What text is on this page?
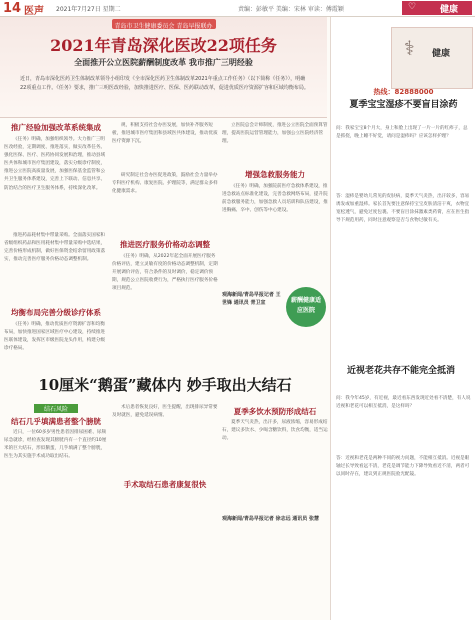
14 医声 2021年7月27日 星期二	责编：彭敏平 美编：宋林 审读：傅霞颖	♡	健康
青岛市卫生健康委员会 青岛早报联办
2021年青岛深化医改22项任务
全面推开公立医院薪酬制度改革 我市推广三明经验
近日，青岛市深化医药卫生体制改革领导小组印发《全市深化医药卫生体制改革2021年重点工作任务》（以下简称《任务》），明确22项重点工作。《任务》要求，推广三明医改经验，加快推进医疗、医保、医药联动改革，促进优质医疗资源扩容和区域均衡布局。
推广经验加强改革系统集成
《任务》明确，加强组织领导。大力推广三明医改经验，定期调度、推进落实，做实改革任务。强化医保、医疗、医药协同发展和治理，推动县域医共体和城市医疗集团建设，落实分级诊疗制度，推进公立医院高质量发展，加强医保基金监管和公共卫生服务体系建设，完善上下联动、信息共享、防治结合的医疗卫生服务体系，持续深化改革。
推进药品耗材集中带量采购。全面落实国家和省级组织药品和医用耗材集中带量采购中选结果，完善价格形成机制，做好医保资金结余留用政策落实，推动完善医疗服务价格动态调整机制。
均衡布局完善分级诊疗体系
《任务》明确，推动优质医疗资源扩容和均衡布局，加快推进国家区域医疗中心建设，持续推进医联体建设，发挥区市级医院龙头作用，构建分级诊疗格局。
规，积极支持社会办医发展，加快补齐服务短板，推进城市医疗集团和县域医共体建设，推动优质医疗资源下沉。
研究制定社会办医促进政策，鼓励社会力量举办专科医疗机构、康复医院、护理院等，满足群众多样化健康需求。
推进医疗服务价格动态调整
《任务》明确，从2022年起全面开展医疗服务价格评估，建立灵敏有度的价格动态调整机制，定期开展调价评估，符合条件的及时调价，稳定调价预期，规范公立医院收费行为，严格执行医疗服务价格项目规范。
立医院总会计师制度，推进公立医院全面预算管理，提高医院运营管理能力，加强公立医院经济管理。
增强急救服务能力
《任务》明确，加强院前医疗急救体系建设，推进急救站点标准化建设，完善急救网络布局，提升院前急救服务能力，加强急救人员培训和队伍建设，推进胸痛、卒中、创伤等中心建设。
观海新闻/青岛早报记者 王世锋 通讯员 青卫宣	薪酬健康适应医院
⚕ 健康
热线：82888000
夏季宝宝湿疹不要盲目涂药
问：我家宝宝8个月大，身上和脸上出现了一片一片的红疹子，总是抓挠，晚上睡不好觉，请问是湿疹吗？应该怎样护理？
答：湿疹是婴幼儿常见的皮肤病，夏季天气炎热，出汗较多，容易诱发或加重湿疹。家长首先要注意保持宝宝皮肤清洁干爽，衣物宜宽松透气，避免过度包裹。不要盲目涂抹激素类药膏，应在医生指导下规范用药，同时注意观察是否与食物过敏有关。
近视老花共存不能完全抵消
问：我今年45岁，有近视，最近看东西发现近处看不清楚，有人说近视和老花可以相互抵消，是这样吗？
答：近视和老花是两种不同的视力问题，不能相互抵消。近视是眼轴过长导致看远不清，老花是调节能力下降导致看近不清，两者可以同时存在，建议到正规医院验光配镜。
10厘米“鹅蛋”藏体内 妙手取出大结石
结石风险
结石几乎填满患者整个膀胱
近日，一位60多岁男性患者因排尿困难、尿频尿急就诊，经检查发现其膀胱内有一个直径约10厘米的巨大结石，形似鹅蛋，几乎填满了整个膀胱，医生为其实施手术成功取出结石。
术后患者恢复良好，医生提醒，出现排尿异常要及时就医，避免延误病情。
手术取结石患者康复很快
夏季多饮水预防形成结石
夏季天气炎热，出汗多，尿液浓缩，容易形成结石，建议多饮水、少喝含糖饮料，饮食均衡，适当运动。
观海新闻/青岛早报记者 徐志远 通讯员 张慧
